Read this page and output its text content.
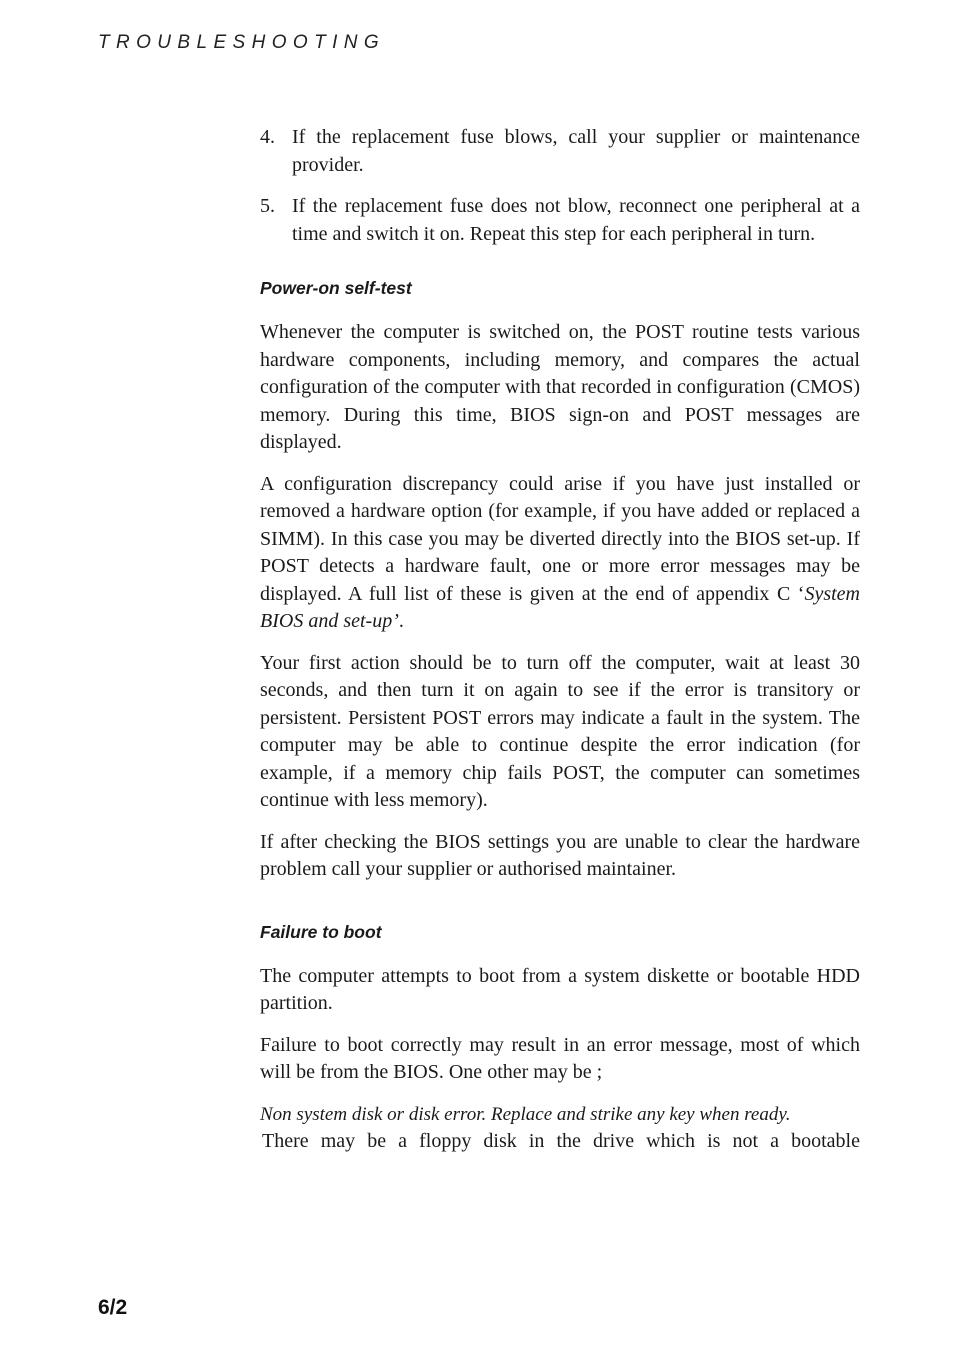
TROUBLESHOOTING
4. If the replacement fuse blows, call your supplier or maintenance provider.
5. If the replacement fuse does not blow, reconnect one peripheral at a time and switch it on. Repeat this step for each peripheral in turn.
Power-on self-test

Whenever the computer is switched on, the POST routine tests various hardware components, including memory, and compares the actual configuration of the computer with that recorded in configuration (CMOS) memory. During this time, BIOS sign-on and POST messages are displayed.

A configuration discrepancy could arise if you have just installed or removed a hardware option (for example, if you have added or replaced a SIMM). In this case you may be diverted directly into the BIOS set-up. If POST detects a hardware fault, one or more error messages may be displayed. A full list of these is given at the end of appendix C ‘System BIOS and set-up’.

Your first action should be to turn off the computer, wait at least 30 seconds, and then turn it on again to see if the error is transitory or persistent. Persistent POST errors may indicate a fault in the system. The computer may be able to continue despite the error indication (for example, if a memory chip fails POST, the computer can sometimes continue with less memory).

If after checking the BIOS settings you are unable to clear the hardware problem call your supplier or authorised maintainer.

Failure to boot

The computer attempts to boot from a system diskette or bootable HDD partition.

Failure to boot correctly may result in an error message, most of which will be from the BIOS. One other may be ;

Non system disk or disk error. Replace and strike any key when ready.

There may be a floppy disk in the drive which is not a bootable

6/2
